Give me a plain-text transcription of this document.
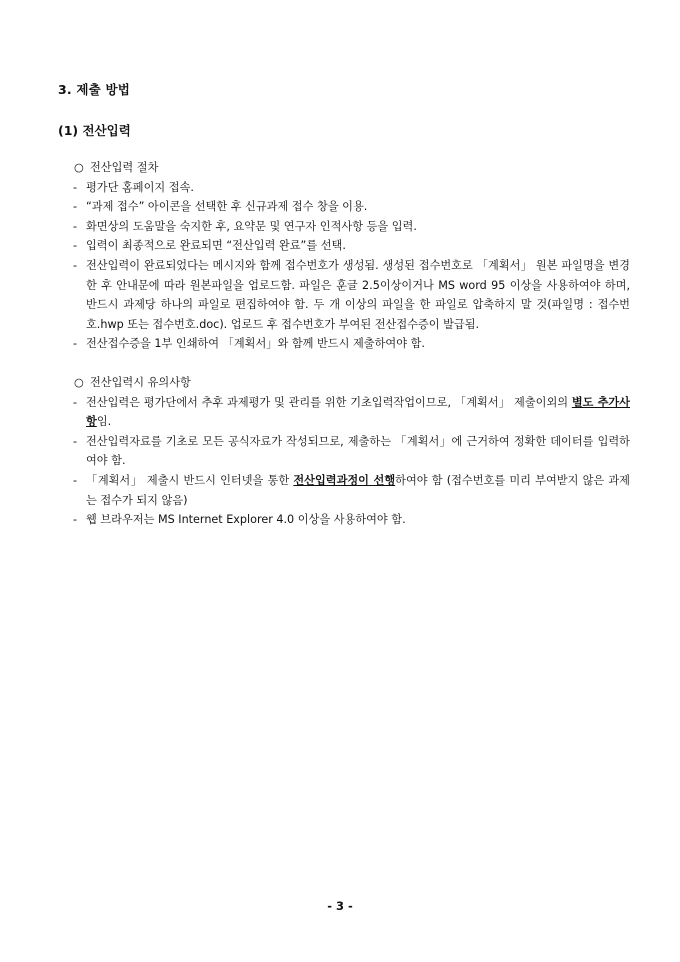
3. 제출 방법
(1) 전산입력
○ 전산입력 절차
- 평가단 홈페이지 접속.
- “과제 접수” 아이콘을 선택한 후 신규과제 접수 창을 이용.
- 화면상의 도움말을 숙지한 후, 요약문 및 연구자 인적사항 등을 입력.
- 입력이 최종적으로 완료되면 “전산입력 완료”를 선택.
- 전산입력이 완료되었다는 메시지와 함께 접수번호가 생성됨. 생성된 접수번호로 「계획서」 원본 파일명을 변경한 후 안내문에 따라 원본파일을 업로드함. 파일은 훈글 2.5이상이거나 MS word 95 이상을 사용하여야 하며, 반드시 과제당 하나의 파일로 편집하여야 함. 두 개 이상의 파일을 한 파일로 압축하지 말 것(파일명 : 접수번호.hwp 또는 접수번호.doc). 업로드 후 접수번호가 부여된 전산접수증이 발급됨.
- 전산접수증을 1부 인쇄하여 「계획서」와 함께 반드시 제출하여야 함.
○ 전산입력시 유의사항
- 전산입력은 평가단에서 추후 과제평가 및 관리를 위한 기초입력작업이므로, 「계획서」 제출이외의 별도 추가사항임.
- 전산입력자료를 기초로 모든 공식자료가 작성되므로, 제출하는 「계획서」에 근거하여 정확한 데이터를 입력하여야 함.
- 「계획서」 제출시 반드시 인터넷을 통한 전산입력과정이 선행하여야 함 (접수번호를 미리 부여받지 않은 과제는 접수가 되지 않음)
- 웹 브라우저는 MS Internet Explorer 4.0 이상을 사용하여야 함.
- 3 -
